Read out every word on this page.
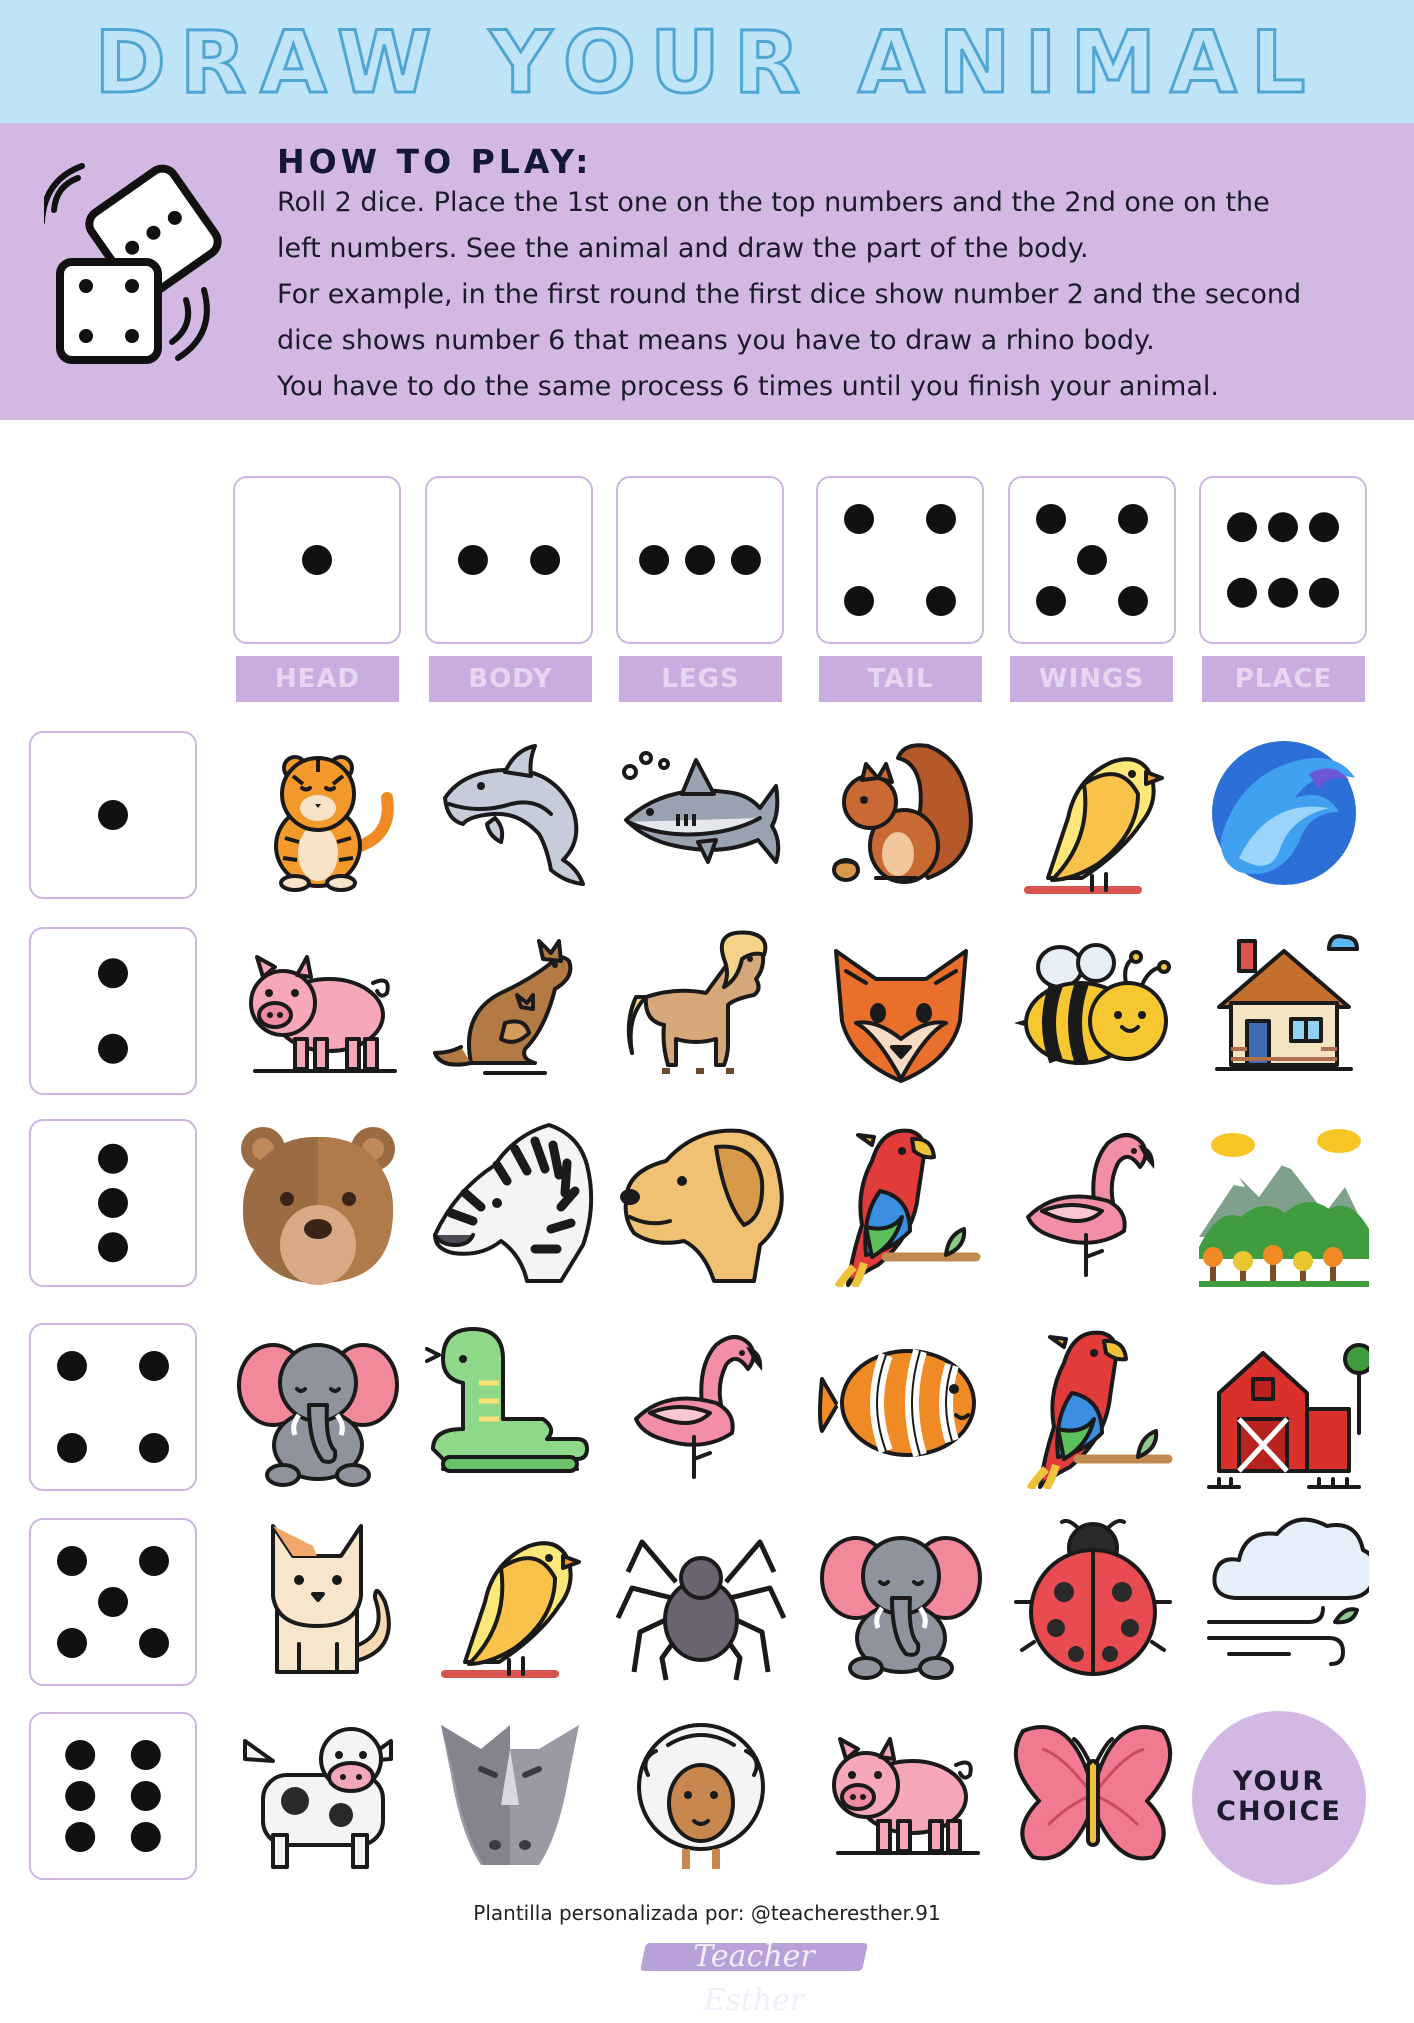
DRAW YOUR ANIMAL
HOW TO PLAY:
Roll 2 dice. Place the 1st one on the top numbers and the 2nd one on the
left numbers. See the animal and draw the part of the body.
For example, in the first round the first dice show number 2 and the second
dice shows number 6 that means you have to draw a rhino body.
You have to do the same process 6 times until you finish your animal.
HEAD	BODY	LEGS	TAIL	WINGS	PLACE
YOUR
CHOICE
Plantilla personalizada por: @teacheresther.91
Teacher Esther
